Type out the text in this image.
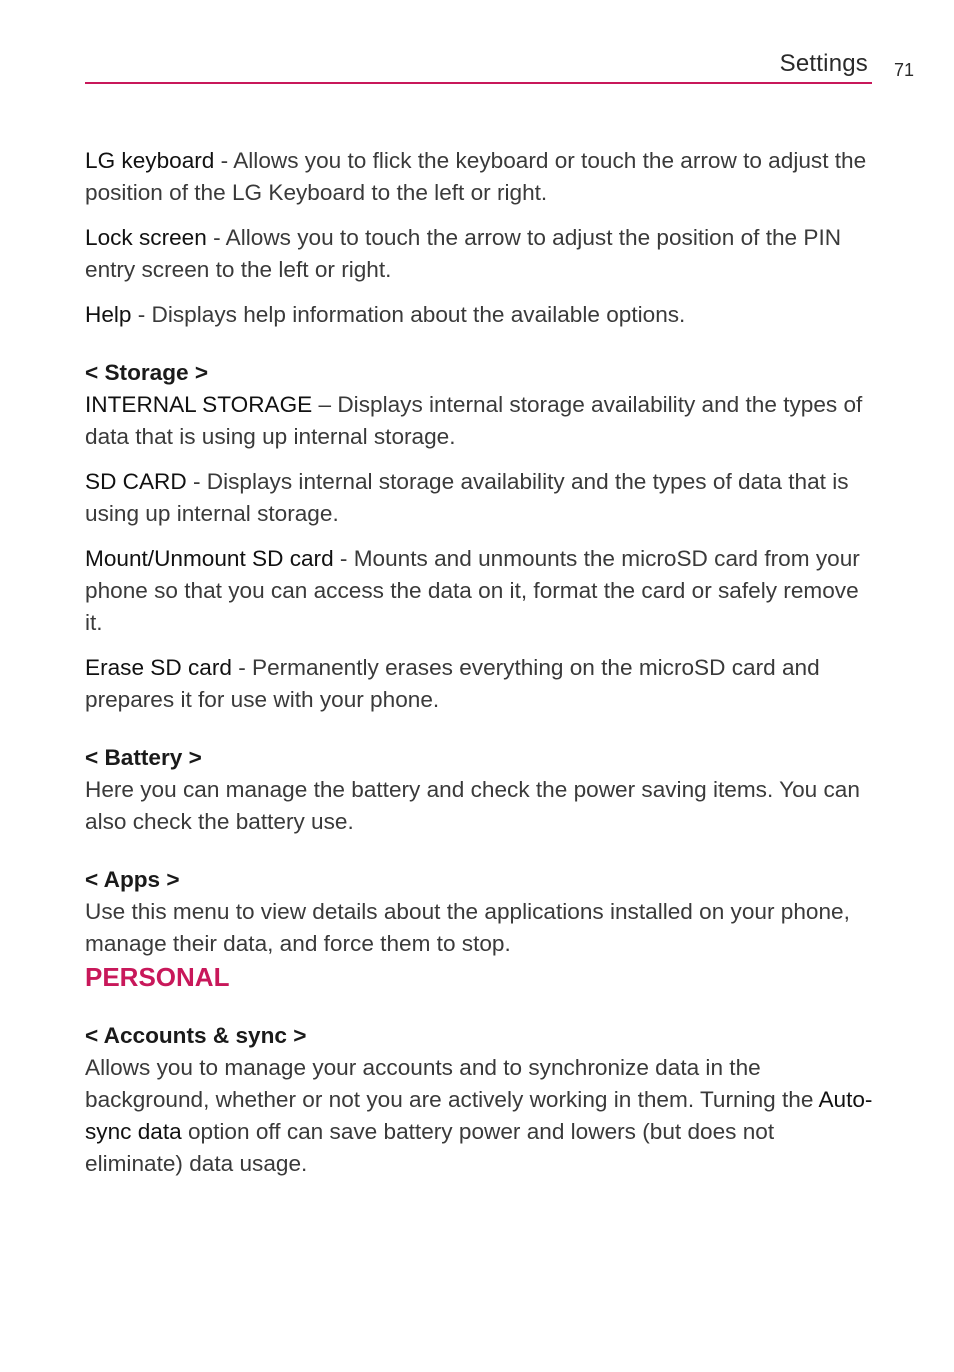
Settings 71

LG keyboard - Allows you to flick the keyboard or touch the arrow to adjust the position of the LG Keyboard to the left or right.

Lock screen - Allows you to touch the arrow to adjust the position of the PIN entry screen to the left or right.

Help - Displays help information about the available options.

< Storage >

INTERNAL STORAGE – Displays internal storage availability and the types of data that is using up internal storage.

SD CARD - Displays internal storage availability and the types of data that is using up internal storage.

Mount/Unmount SD card - Mounts and unmounts the microSD card from your phone so that you can access the data on it, format the card or safely remove it.

Erase SD card - Permanently erases everything on the microSD card and prepares it for use with your phone.

< Battery >

Here you can manage the battery and check the power saving items. You can also check the battery use.

< Apps >

Use this menu to view details about the applications installed on your phone, manage their data, and force them to stop.

PERSONAL
< Accounts & sync >

Allows you to manage your accounts and to synchronize data in the background, whether or not you are actively working in them. Turning the Auto-sync data option off can save battery power and lowers (but does not eliminate) data usage.
